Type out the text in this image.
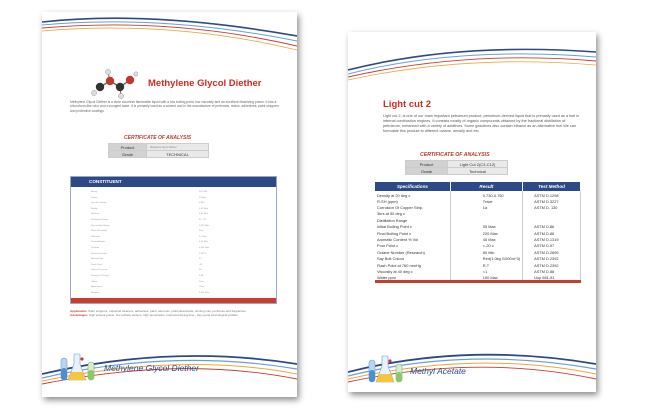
Methylene Glycol Diether
Methylene Glycol Diether is a clear colorless flammable liquid with a low boiling point, low viscosity and an excellent dissolving power. It has a chloroform-like odor and a pungent taste. It is primarily used as a solvent and in the manufacture of perfumes, resins, adhesives, paint strippers and protective coatings.
CERTIFICATE OF ANALYSIS
Product	Methylene Glycol Diether
Grade	TECHNICAL
CONSTITUENT
Assay	99.5 Min
Colour	10 Max
Specific Gravity	0.860
Acidity	0.02 Max
Moisture	0.05 Max
Distillation Range	41 - 43
Non-Volatile Matter	0.002 Max
Water Miscibility	Pass
Methanol	0.1 Max
Formaldehyde	0.02 Max
Chloride	0.001 Max
Refractive Index	1.3513
Boiling Point	42
Flash Point	-18
Vapour Pressure	44
Density at 20 deg C	0.86
Odour	Pass
Appearance	Clear
Residue	0.001 Max

Application: Paint strippers, industrial cleaners, adhesives, paint, aerosols, pharmaceuticals, printing inks, perfumes and fragrances.

Advantages: High solvent power, low surface tension, high penetration, improved drying time - they good toxicological profiles.

Methylene Glycol Diether
Light cut 2
Light cut 2, is one of our main important petroleum product, petroleum-derived liquid that is primarily used as a fuel in internal combustion engines. It consists mostly of organic compounds obtained by the fractional distillation of petroleum, enhanced with a variety of additives. Some gasolines also contain ethanol as an alternative fuel.We can formulate this product to different octane, density and etc.
CERTIFICATE OF ANALYSIS
Product	Light Cut 2(C3-C12)
Grade	Technical
Specifications	Result	Test Method
Density at 20 deg c	0.730-0.750	ASTM D.1298
R-SH (ppm)	Trace	ASTM D.3227
Corrosion Of Copper Strip,	1a	ASTM D. 130
3hrs at 50 deg c		
Distillation Range		
Initial Boiling Point c	35 Max	ASTM D.86
Final Boiling Point c	220 Max	ASTM D.86
Aromatic Content % Vol	45 Max	ASTM D.1319
Pour Point c	<-20 c	ASTM D.97
Octane Number (Research)	80 Min	ASTM D.2699
Say Bolt Colour	Red(1.0kg /1000m^3)	ASTM D.2392
Flash Point at 760 mmHg	R.T	ASTM D.2392
Viscosity at 40 deg c	<1	ASTM D.88
Water ppm	100 Max	Uop 981-91
Methyl Acetate
